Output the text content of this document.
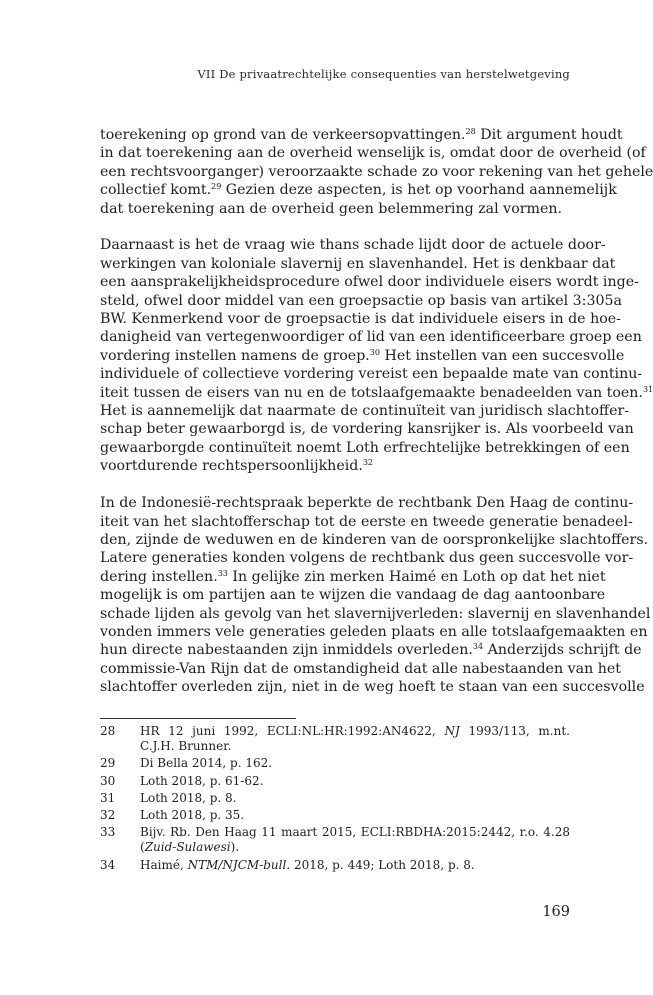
VII De privaatrechtelijke consequenties van herstelwetgeving

toerekening op grond van de verkeersopvattingen.$^{28}$ Dit argument houdt
in dat toerekening aan de overheid wenselijk is, omdat door de overheid (of
een rechtsvoorganger) veroorzaakte schade zo voor rekening van het gehele
collectief komt.$^{29}$ Gezien deze aspecten, is het op voorhand aannemelijk
dat toerekening aan de overheid geen belemmering zal vormen.

Daarnaast is het de vraag wie thans schade lijdt door de actuele door-
werkingen van koloniale slavernij en slavenhandel. Het is denkbaar dat
een aansprakelijkheidsprocedure ofwel door individuele eisers wordt inge-
steld, ofwel door middel van een groepsactie op basis van artikel 3:305a
BW. Kenmerkend voor de groepsactie is dat individuele eisers in de hoe-
danigheid van vertegenwoordiger of lid van een identificeerbare groep een
vordering instellen namens de groep.$^{30}$ Het instellen van een succesvolle
individuele of collectieve vordering vereist een bepaalde mate van continu-
iteit tussen de eisers van nu en de totslaafgemaakte benadeelden van toen.$^{31}$
Het is aannemelijk dat naarmate de continuïteit van juridisch slachtoffer-
schap beter gewaarborgd is, de vordering kansrijker is. Als voorbeeld van
gewaarborgde continuïteit noemt Loth erfrechtelijke betrekkingen of een
voortdurende rechtspersoonlijkheid.$^{32}$

In de Indonesië-rechtspraak beperkte de rechtbank Den Haag de continu-
iteit van het slachtofferschap tot de eerste en tweede generatie benadeel-
den, zijnde de weduwen en de kinderen van de oorspronkelijke slachtoffers.
Latere generaties konden volgens de rechtbank dus geen succesvolle vor-
dering instellen.$^{33}$ In gelijke zin merken Haimé en Loth op dat het niet
mogelijk is om partijen aan te wijzen die vandaag de dag aantoonbare
schade lijden als gevolg van het slavernijverleden: slavernij en slavenhandel
vonden immers vele generaties geleden plaats en alle totslaafgemaakten en
hun directe nabestaanden zijn inmiddels overleden.$^{34}$ Anderzijds schrijft de
commissie-Van Rijn dat de omstandigheid dat alle nabestaanden van het
slachtoffer overleden zijn, niet in de weg hoeft te staan van een succesvolle

28	HR 12 juni 1992, ECLI:NL:HR:1992:AN4622, NJ 1993/113, m.nt. C.J.H. Brunner.
29	Di Bella 2014, p. 162.
30	Loth 2018, p. 61-62.
31	Loth 2018, p. 8.
32	Loth 2018, p. 35.
33	Bijv. Rb. Den Haag 11 maart 2015, ECLI:RBDHA:2015:2442, r.o. 4.28 (Zuid-Sulawesi).
34	Haimé, NTM/NJCM-bull. 2018, p. 449; Loth 2018, p. 8.
169
